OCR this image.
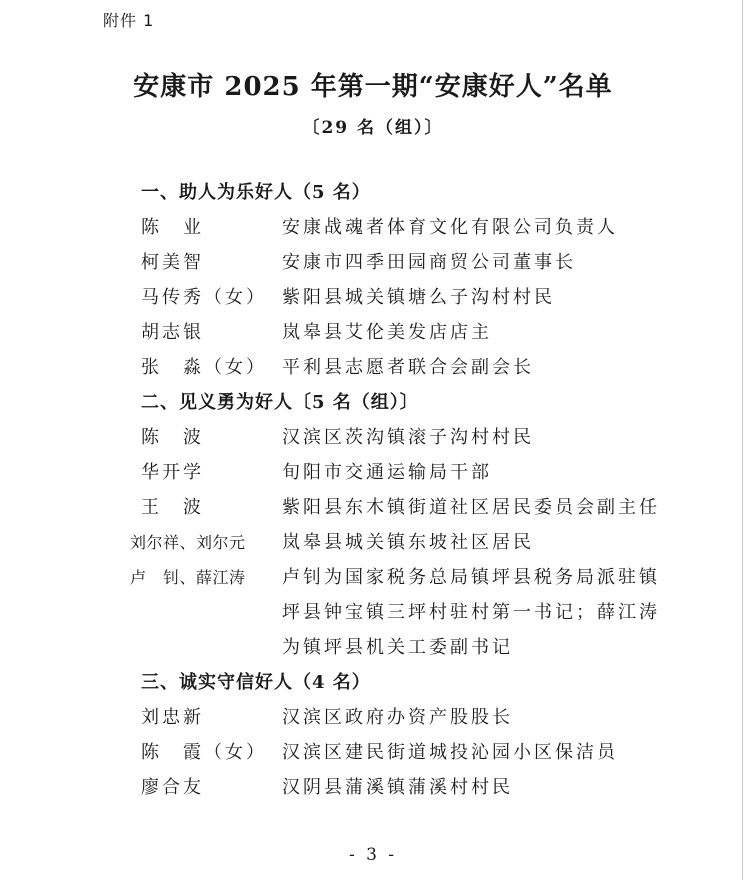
附件 1
安康市 2025 年第一期“安康好人”名单
〔29 名（组）〕
一、助人为乐好人（5 名）
陈　业	安康战魂者体育文化有限公司负责人
柯美智	安康市四季田园商贸公司董事长
马传秀（女） 紫阳县城关镇塘么子沟村村民
胡志银	岚皋县艾伦美发店店主
张　淼（女） 平利县志愿者联合会副会长
二、见义勇为好人〔5 名（组）〕
陈　波	汉滨区茨沟镇滚子沟村村民
华开学	旬阳市交通运输局干部
王　波	紫阳县东木镇街道社区居民委员会副主任
刘尔祥、刘尔元	岚皋县城关镇东坡社区居民
卢　钊、薛江涛	卢钊为国家税务总局镇坪县税务局派驻镇坪县钟宝镇三坪村驻村第一书记；薛江涛为镇坪县机关工委副书记
三、诚实守信好人（4 名）
刘忠新	汉滨区政府办资产股股长
陈　霞（女） 汉滨区建民街道城投沁园小区保洁员
廖合友	汉阴县蒲溪镇蒲溪村村民
- 3 -
